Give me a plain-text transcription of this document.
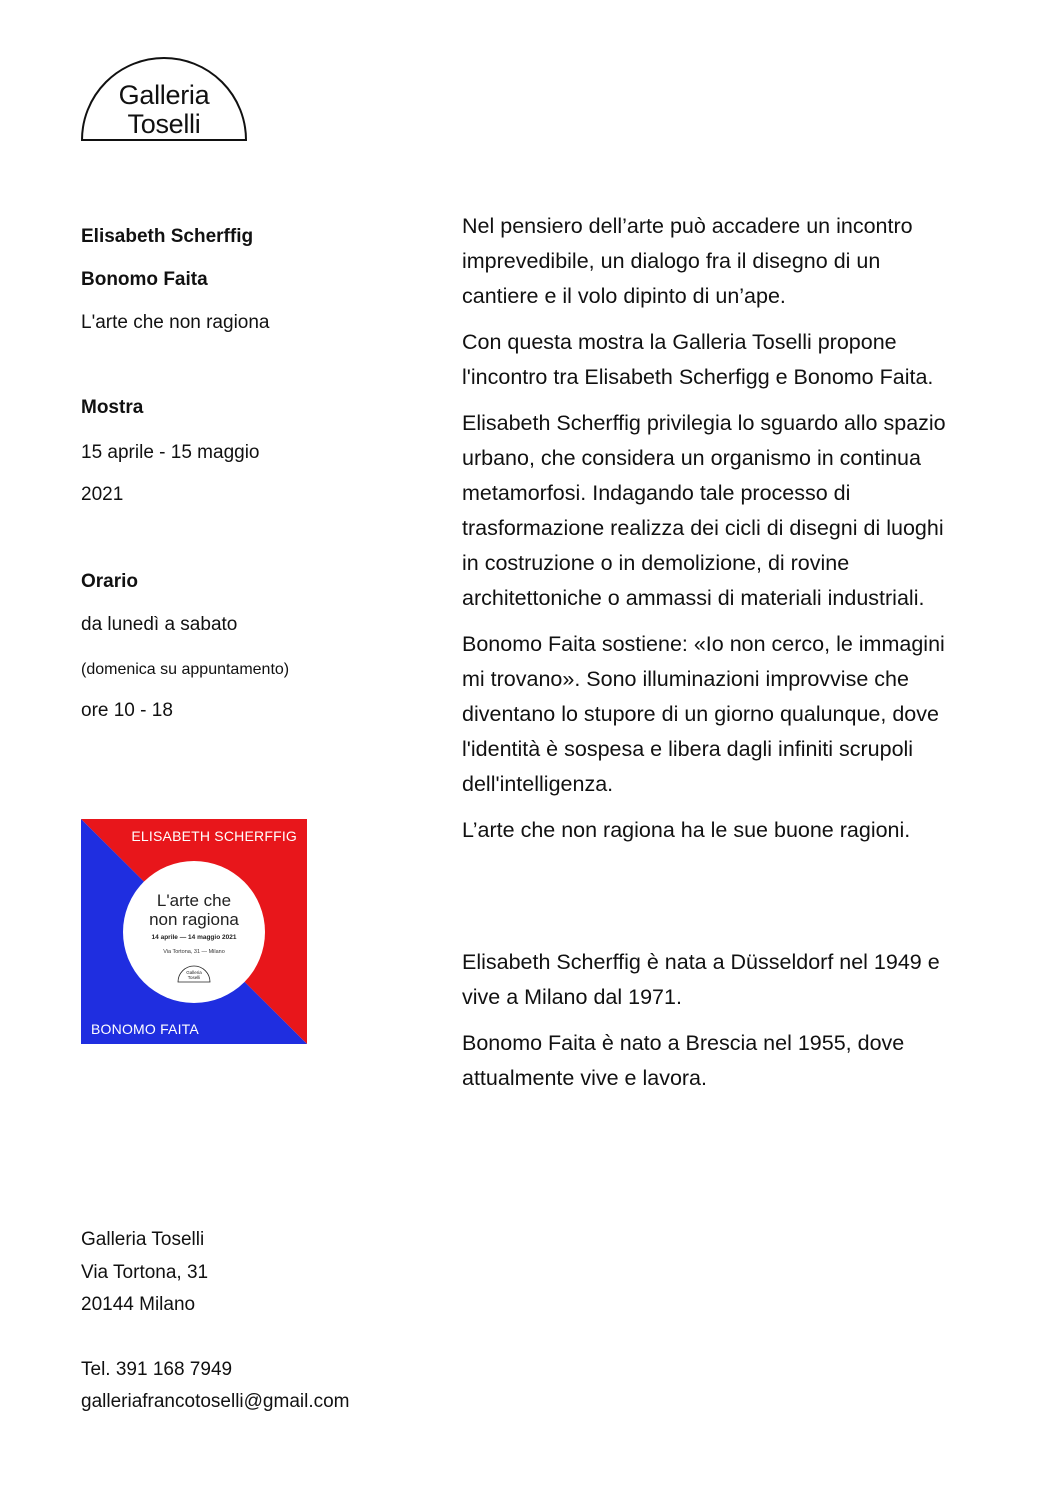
Galleria
Toselli
Elisabeth Scherffig
Bonomo Faita
L'arte che non ragiona
Mostra
15 aprile - 15 maggio
2021
Orario
da lunedì a sabato
(domenica su appuntamento)
ore 10 - 18
ELISABETH SCHERFFIG
BONOMO FAITA
L'arte che
non ragiona
14 aprile — 14 maggio 2021
Via Tortona, 31 — Milano
Galleria
Toselli
Galleria Toselli
Via Tortona, 31
20144 Milano
Tel. 391 168 7949
galleriafrancotoselli@gmail.com

Nel pensiero dell’arte può accadere un incontro imprevedibile, un dialogo fra il disegno di un cantiere e il volo dipinto di un’ape.

Con questa mostra la Galleria Toselli propone l'incontro tra Elisabeth Scherfigg e Bonomo Faita.

Elisabeth Scherffig privilegia lo sguardo allo spazio urbano, che considera un organismo in continua metamorfosi. Indagando tale processo di trasformazione realizza dei cicli di disegni di luoghi in costruzione o in demolizione, di rovine architettoniche o ammassi di materiali industriali.

Bonomo Faita sostiene: «Io non cerco, le immagini mi trovano». Sono illuminazioni improvvise che diventano lo stupore di un giorno qualunque, dove l'identità è sospesa e libera dagli infiniti scrupoli dell'intelligenza.

L’arte che non ragiona ha le sue buone ragioni.

Elisabeth Scherffig è nata a Düsseldorf nel 1949 e vive a Milano dal 1971.

Bonomo Faita è nato a Brescia nel 1955, dove attualmente vive e lavora.
